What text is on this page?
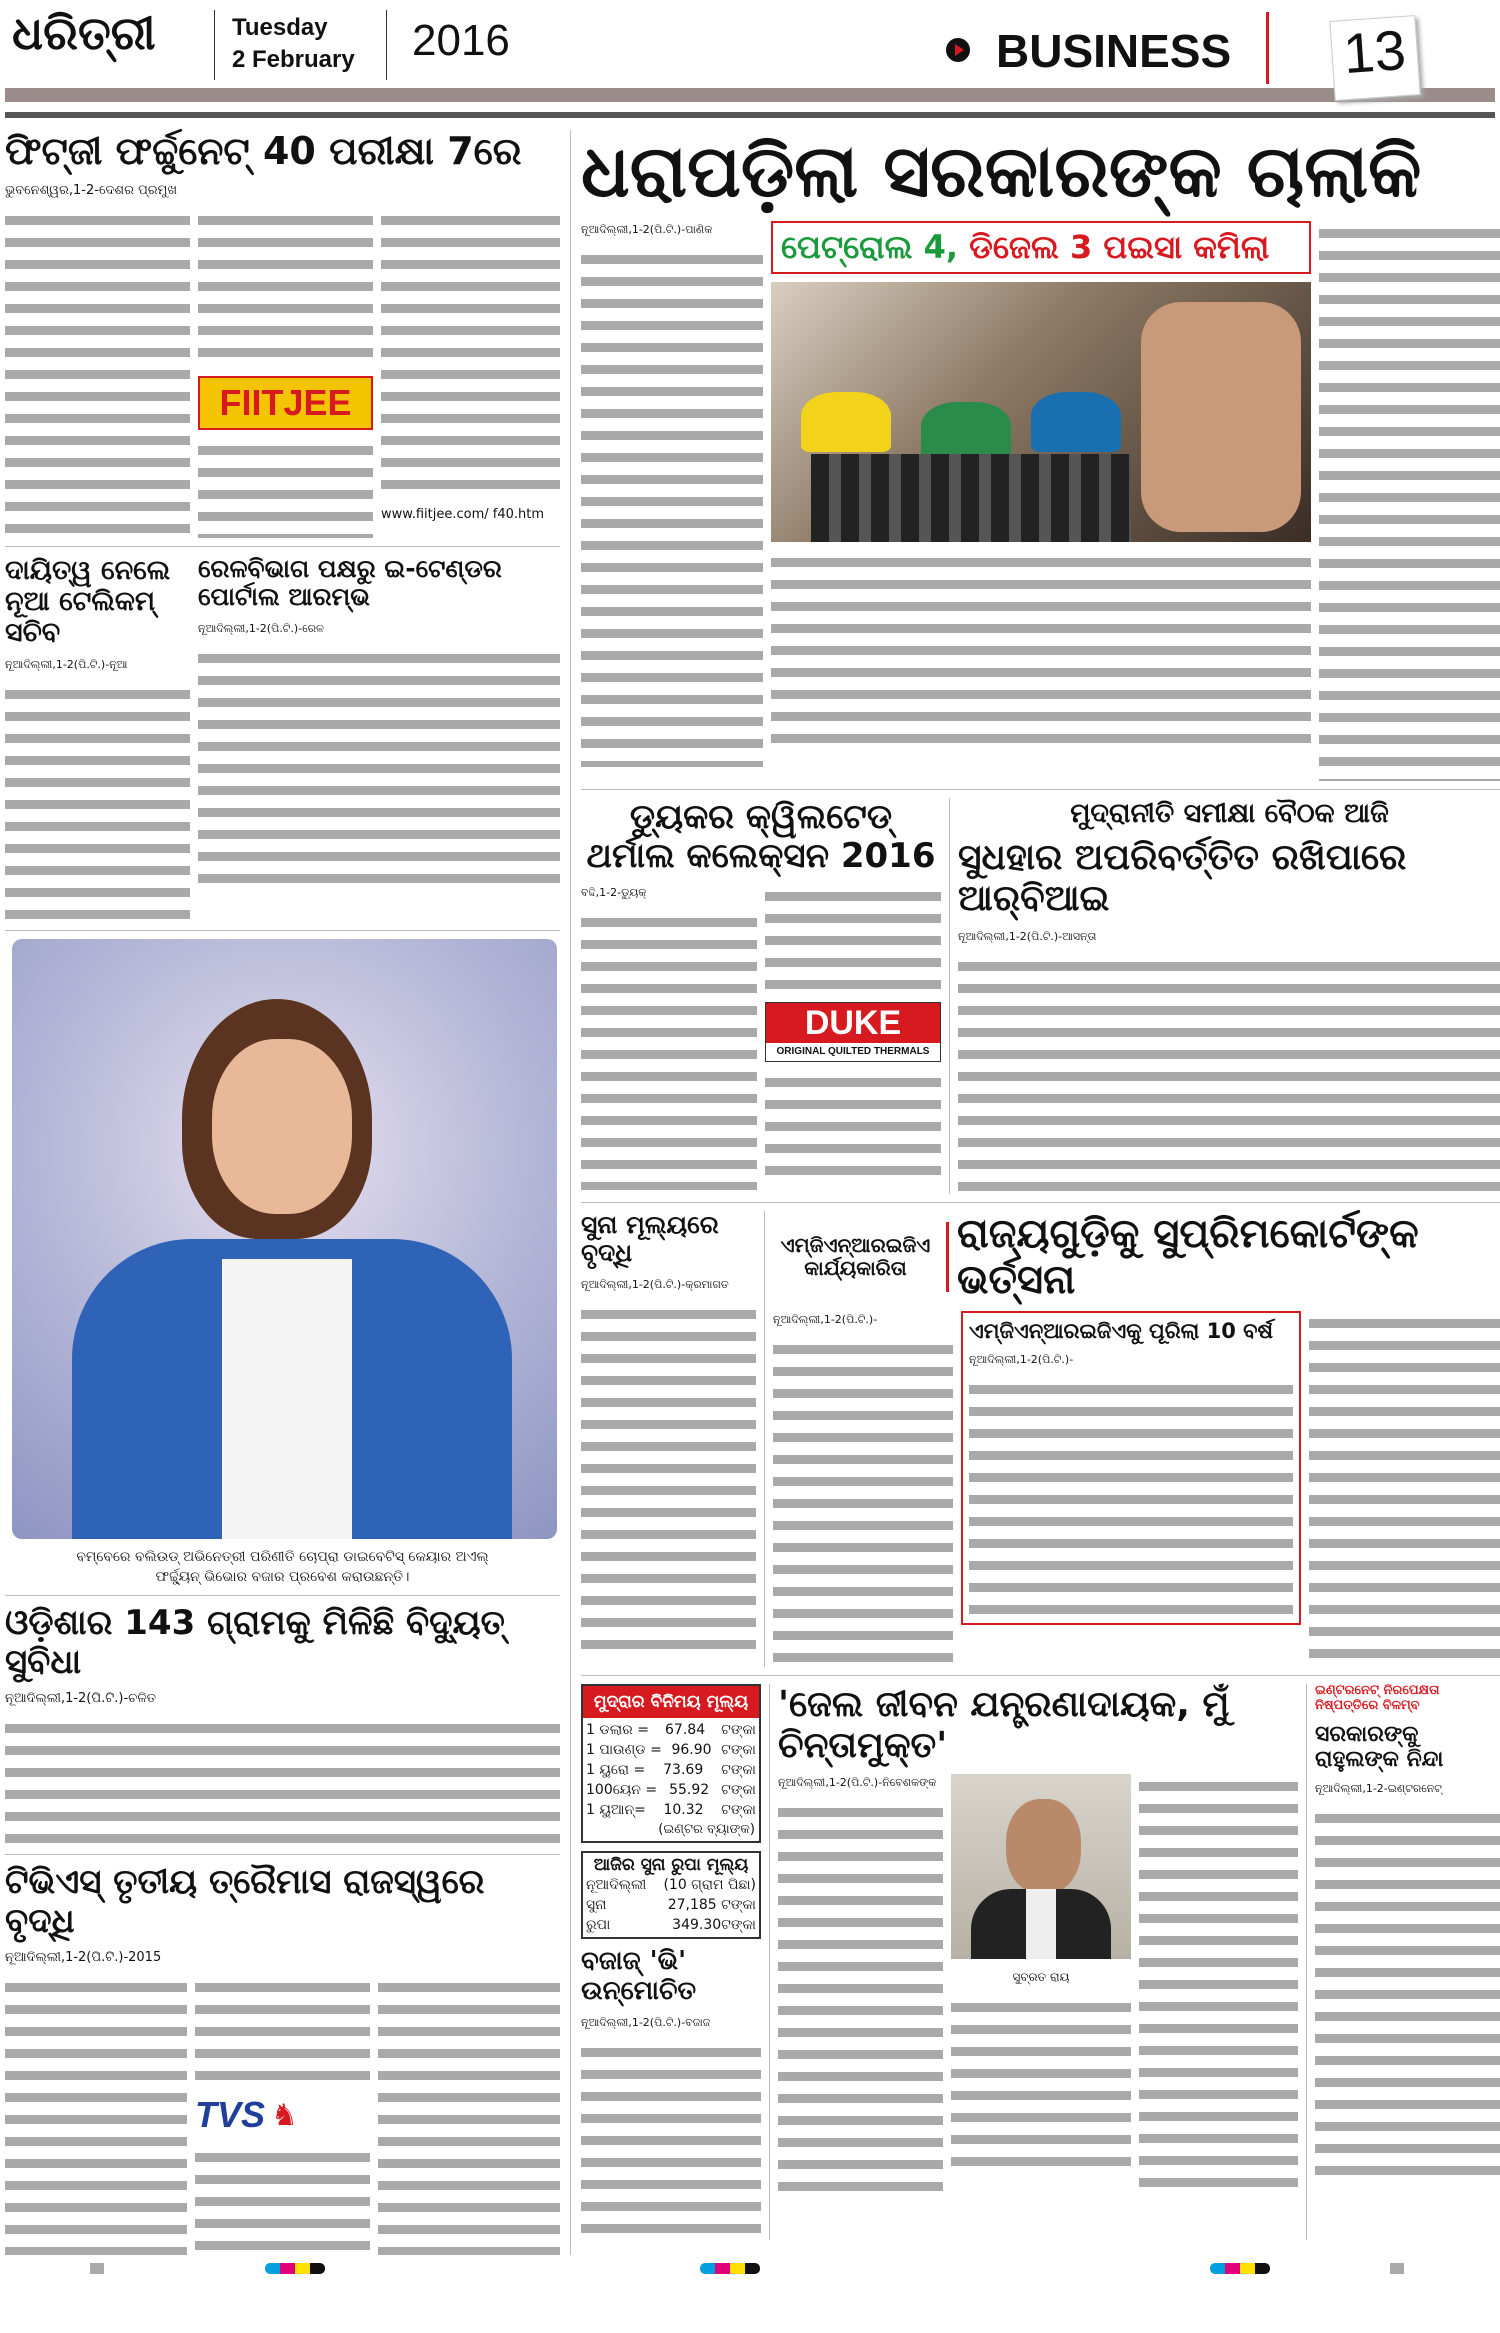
ଧରିତ୍ରୀ	Tuesday
2 February 2016	BUSINESS 13
ଫିଟ୍‌ଜୀ ଫର୍ଚ୍ଚୁନେଟ୍ 40 ପରୀକ୍ଷା 7ରେ
ଭୁବନେଶ୍ୱର,1-2-ଦେଶର ପ୍ରମୁଖ
FIITJEE
www.fiitjee.com/ f40.htm
ଦାୟିତ୍ୱ ନେଲେ ନୂଆ ଟେଲିକମ୍ ସଚିବ
ନୂଆଦିଲ୍ଲୀ,1-2(ପି.ଟି.)-ନୂଆ
ରେଳବିଭାଗ ପକ୍ଷରୁ ଇ-ଟେଣ୍ଡର ପୋର୍ଟାଲ ଆରମ୍ଭ
ନୂଆଦିଲ୍ଲୀ,1-2(ପି.ଟି.)-ରେଳ
ବମ୍ବେରେ ବଲିଉଡ୍ ଅଭିନେତ୍ରୀ ପରିଣୀତି ଚୋପ୍ରା ଡାଇବେଟିସ୍ କେୟାର ଅଏଲ୍ ଫର୍ଚ୍ଚ୍ୟୁନ୍ ଭିଭୋର ବଜାର ପ୍ରବେଶ କରାଉଛନ୍ତି।
ଓଡ଼ିଶାର 143 ଗ୍ରାମକୁ ମିଳିଛି ବିଦ୍ୟୁତ୍ ସୁବିଧା
ନୂଆଦିଲ୍ଲୀ,1-2(ପି.ଟି.)-ଚଳିତ
ଟିଭିଏସ୍ ତୃତୀୟ ତ୍ରୈମାସ ରାଜସ୍ୱରେ ବୃଦ୍ଧି
ନୂଆଦିଲ୍ଲୀ,1-2(ପି.ଟି.)-2015
TVS ♞
ଧରାପଡ଼ିଲା ସରକାରଙ୍କ ଚାଲାକି
ନୂଆଦିଲ୍ଲୀ,1-2(ପି.ଟି.)-ପାଣିକ	ପେଟ୍ରୋଲ 4, ଡିଜେଲ 3 ପଇସା କମିଲା
ଡ୍ୟୁକର କ୍ୱିଲଟେଡ୍ ଥର୍ମାଲ କଲେକ୍ସନ 2016
ବଦ୍ଦି,1-2-ଡ୍ୟୁକ୍
DUKE
ORIGINAL QUILTED THERMALS
ମୁଦ୍ରାନୀତି ସମୀକ୍ଷା ବୈଠକ ଆଜି
ସୁଧହାର ଅପରିବର୍ତ୍ତିତ ରଖିପାରେ ଆର୍‌ବିଆଇ
ନୂଆଦିଲ୍ଲୀ,1-2(ପି.ଟି.)-ଆସନ୍ତା
ସୁନା ମୂଲ୍ୟରେ ବୃଦ୍ଧି
ନୂଆଦିଲ୍ଲୀ,1-2(ପି.ଟି.)-କ୍ରମାଗତ
ଏମ୍‌ଜିଏନ୍‌ଆରଇଜିଏ କାର୍ଯ୍ୟକାରିତା
ରାଜ୍ୟଗୁଡ଼ିକୁ ସୁପ୍ରିମକୋର୍ଟଙ୍କ ଭର୍ତ୍ସନା
ନୂଆଦିଲ୍ଲୀ,1-2(ପି.ଟି.)-	ଏମ୍‌ଜିଏନ୍‌ଆରଇଜିଏକୁ ପୂରିଲା 10 ବର୍ଷ
ନୂଆଦିଲ୍ଲୀ,1-2(ପି.ଟି.)-
ମୁଦ୍ରାର ବିନିମୟ ମୂଲ୍ୟ
1 ଡଲାର = 67.84 ଟଙ୍କା
1 ପାଉଣ୍ଡ = 96.90 ଟଙ୍କା
1 ୟୁରୋ = 73.69 ଟଙ୍କା
100ୟେନ = 55.92 ଟଙ୍କା
1 ୟୁଆନ୍= 10.32 ଟଙ୍କା
(ଇଣ୍ଟର ବ୍ୟାଙ୍କ)
ଆଜିର ସୁନା ରୁପା ମୂଲ୍ୟ
ନୂଆଦିଲ୍ଲୀ (10 ଗ୍ରାମ ପିଛା)
ସୁନା	27,185 ଟଙ୍କା
ରୁପା	349.30ଟଙ୍କା
ବଜାଜ୍ 'ଭି' ଉନ୍ମୋଚିତ
ନୂଆଦିଲ୍ଲୀ,1-2(ପି.ଟି.)-ବଜାଜ
'ଜେଲ ଜୀବନ ଯନ୍ତ୍ରଣାଦାୟକ, ମୁଁ ଚିନ୍ତାମୁକ୍ତ'
ନୂଆଦିଲ୍ଲୀ,1-2(ପି.ଟି.)-ନିବେଶକଙ୍କ
ସୁବ୍ରତ ରାୟ
ଇଣ୍ଟରନେଟ୍ ନିରପେକ୍ଷତା ନିଷ୍ପତ୍ତିରେ ବିଳମ୍ବ
ସରକାରଙ୍କୁ ରାହୁଲଙ୍କ ନିନ୍ଦା
ନୂଆଦିଲ୍ଲୀ,1-2-ଇଣ୍ଟରନେଟ୍
